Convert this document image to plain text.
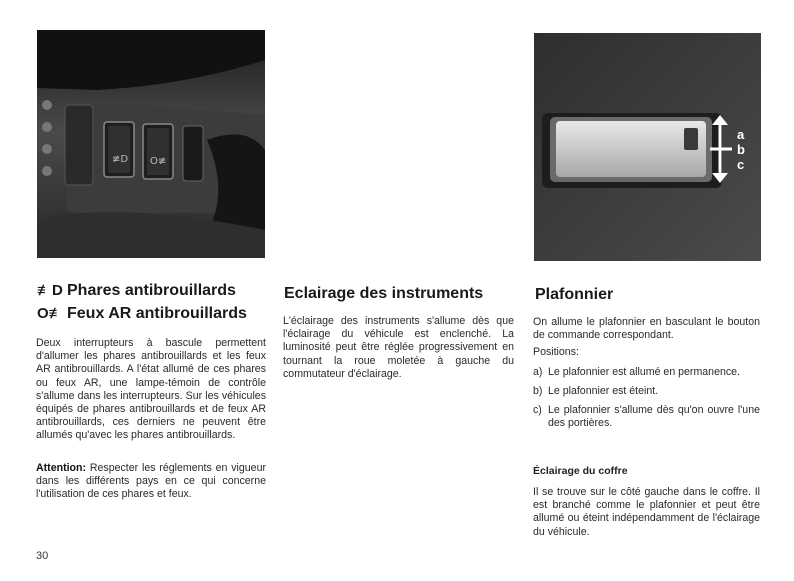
≢D O≢
a
b
c
≢D Phares antibrouillards
O≢ Feux AR antibrouillards

Deux interrupteurs à bascule permettent d'allumer les phares antibrouillards et les feux AR antibrouillards. A l'état allumé de ces phares ou feux AR, une lampe-témoin de contrôle s'allume dans les interrupteurs. Sur les véhicules équipés de phares antibrouillards et de feux AR antibrouillards, ces derniers ne peuvent être allumés qu'avec les phares antibrouillards.

Attention: Respecter les réglements en vigueur dans les différents pays en ce qui concerne l'utilisation de ces phares et feux.

Eclairage des instruments

L'éclairage des instruments s'allume dès que l'éclairage du véhicule est enclenché. La luminosité peut être réglée progressivement en tournant la roue moletée à gauche du commutateur d'éclairage.

Plafonnier
On allume le plafonnier en basculant le bouton de commande correspondant.
Positions:
a) Le plafonnier est allumé en permanence.
b) Le plafonnier est éteint.
c) Le plafonnier s'allume dès qu'on ouvre l'une des portières.
Éclairage du coffre

Il se trouve sur le côté gauche dans le coffre. Il est branché comme le plafonnier et peut être allumé ou éteint indépendamment de l'éclairage du véhicule.

30
